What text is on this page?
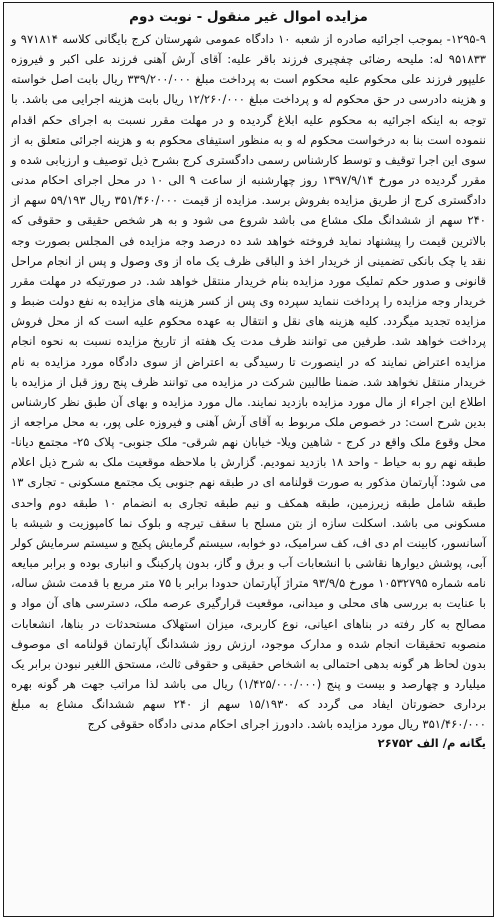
مزایده اموال غیر منقول - نوبت دوم

۱۲۹۵-۹- بموجب اجرائیه صادره از شعبه ۱۰ دادگاه عمومی شهرستان کرج بایگانی کلاسه ۹۷۱۸۱۴ و ۹۵۱۸۳۳ له: ملیحه رضائی چفچیری فرزند باقر علیه: آقای آرش آهنی فرزند علی اکبر و فیروزه علیپور فرزند علی محکوم علیه محکوم است به پرداخت مبلغ ۳۳۹/۲۰۰/۰۰۰ ریال بابت اصل خواسته و هزینه دادرسی در حق محکوم له و پرداخت مبلغ ۱۲/۲۶۰/۰۰۰ ریال بابت هزینه اجرایی می باشد. با توجه به اینکه اجرائیه به محکوم علیه ابلاغ گردیده و در مهلت مقرر نسبت به اجرای حکم اقدام ننموده است بنا به درخواست محکوم له و به منظور استیفای محکوم به و هزینه اجرائی متعلق به از سوی این اجرا توقیف و توسط کارشناس رسمی دادگستری کرج بشرح ذیل توصیف و ارزیابی شده و مقرر گردیده در مورخ ۱۳۹۷/۹/۱۴ روز چهارشنبه از ساعت ۹ الی ۱۰ در محل اجرای احکام مدنی دادگستری کرج از طریق مزایده بفروش برسد. مزایده از قیمت ۳۵۱/۴۶۰/۰۰۰ ریال ۵۹/۱۹۳ سهم از ۲۴۰ سهم از ششدانگ ملک مشاع می باشد شروع می شود و به هر شخص حقیقی و حقوقی که بالاترین قیمت را پیشنهاد نماید فروخته خواهد شد ده درصد وجه مزایده فی المجلس بصورت وجه نقد یا چک بانکی تضمینی از خریدار اخذ و الباقی ظرف یک ماه از وی وصول و پس از انجام مراحل قانونی و صدور حکم تملیک مورد مزایده بنام خریدار منتقل خواهد شد. در صورتیکه در مهلت مقرر خریدار وجه مزایده را پرداخت ننماید سپرده وی پس از کسر هزینه های مزایده به نفع دولت ضبط و مزایده تجدید میگردد. کلیه هزینه های نقل و انتقال به عهده محکوم علیه است که از محل فروش پرداخت خواهد شد. طرفین می توانند ظرف مدت یک هفته از تاریخ مزایده نسبت به نحوه انجام مزایده اعتراض نمایند که در اینصورت تا رسیدگی به اعتراض از سوی دادگاه مورد مزایده به نام خریدار منتقل نخواهد شد. ضمنا طالبین شرکت در مزایده می توانند ظرف پنج روز قبل از مزایده با اطلاع این اجراء از مال مورد مزایده بازدید نمایند. مال مورد مزایده و بهای آن طبق نظر کارشناس بدین شرح است: در خصوص ملک مربوط به آقای آرش آهنی و فیروزه علی پور، به محل مراجعه از محل وقوع ملک واقع در کرج - شاهین ویلا- خیابان نهم شرقی- ملک جنوبی- پلاک ۲۵- مجتمع دیانا- طبقه نهم رو به حیاط - واحد ۱۸ بازدید نمودیم. گزارش با ملاحظه موقعیت ملک به شرح ذیل اعلام می شود: آپارتمان مذکور به صورت قولنامه ای در طبقه نهم جنوبی یک مجتمع مسکونی - تجاری ۱۳ طبقه شامل طبقه زیرزمین، طبقه همکف و نیم طبقه تجاری به انضمام ۱۰ طبقه دوم واحدی مسکونی می باشد. اسکلت سازه از بتن مسلح با سقف تیرچه و بلوک نما کامپوزیت و شیشه با آسانسور، کابینت ام دی اف، کف سرامیک، دو خوابه، سیستم گرمایش پکیج و سیستم سرمایش کولر آبی، پوشش دیوارها نقاشی با انشعابات آب و برق و گاز، بدون پارکینگ و انباری بوده و برابر مبایعه نامه شماره ۱۰۵۳۲۷۹۵ مورخ ۹۳/۹/۵ متراژ آپارتمان حدودا برابر با ۷۵ متر مربع با قدمت شش ساله، با عنایت به بررسی های محلی و میدانی، موقعیت قرارگیری عرصه ملک، دسترسی های آن مواد و مصالح به کار رفته در بناهای اعیانی، نوع کاربری، میزان استهلاک مستحدثات در بناها، انشعابات منصوبه تحقیقات انجام شده و مدارک موجود، ارزش روز ششدانگ آپارتمان قولنامه ای موصوف بدون لحاظ هر گونه بدهی احتمالی به اشخاص حقیقی و حقوقی ثالث، مستحق اللغیر نبودن برابر یک میلیارد و چهارصد و بیست و پنج (۱/۴۲۵/۰۰۰/۰۰۰) ریال می باشد لذا مراتب جهت هر گونه بهره برداری حضورتان ایفاد می گردد که ۱۵/۱۹۳۰ سهم از ۲۴۰ سهم ششدانگ مشاع به مبلغ ۳۵۱/۴۶۰/۰۰۰ ریال مورد مزایده باشد. دادورز اجرای احکام مدنی دادگاه حقوقی کرج

یگانه م/ الف ۲۶۷۵۲
